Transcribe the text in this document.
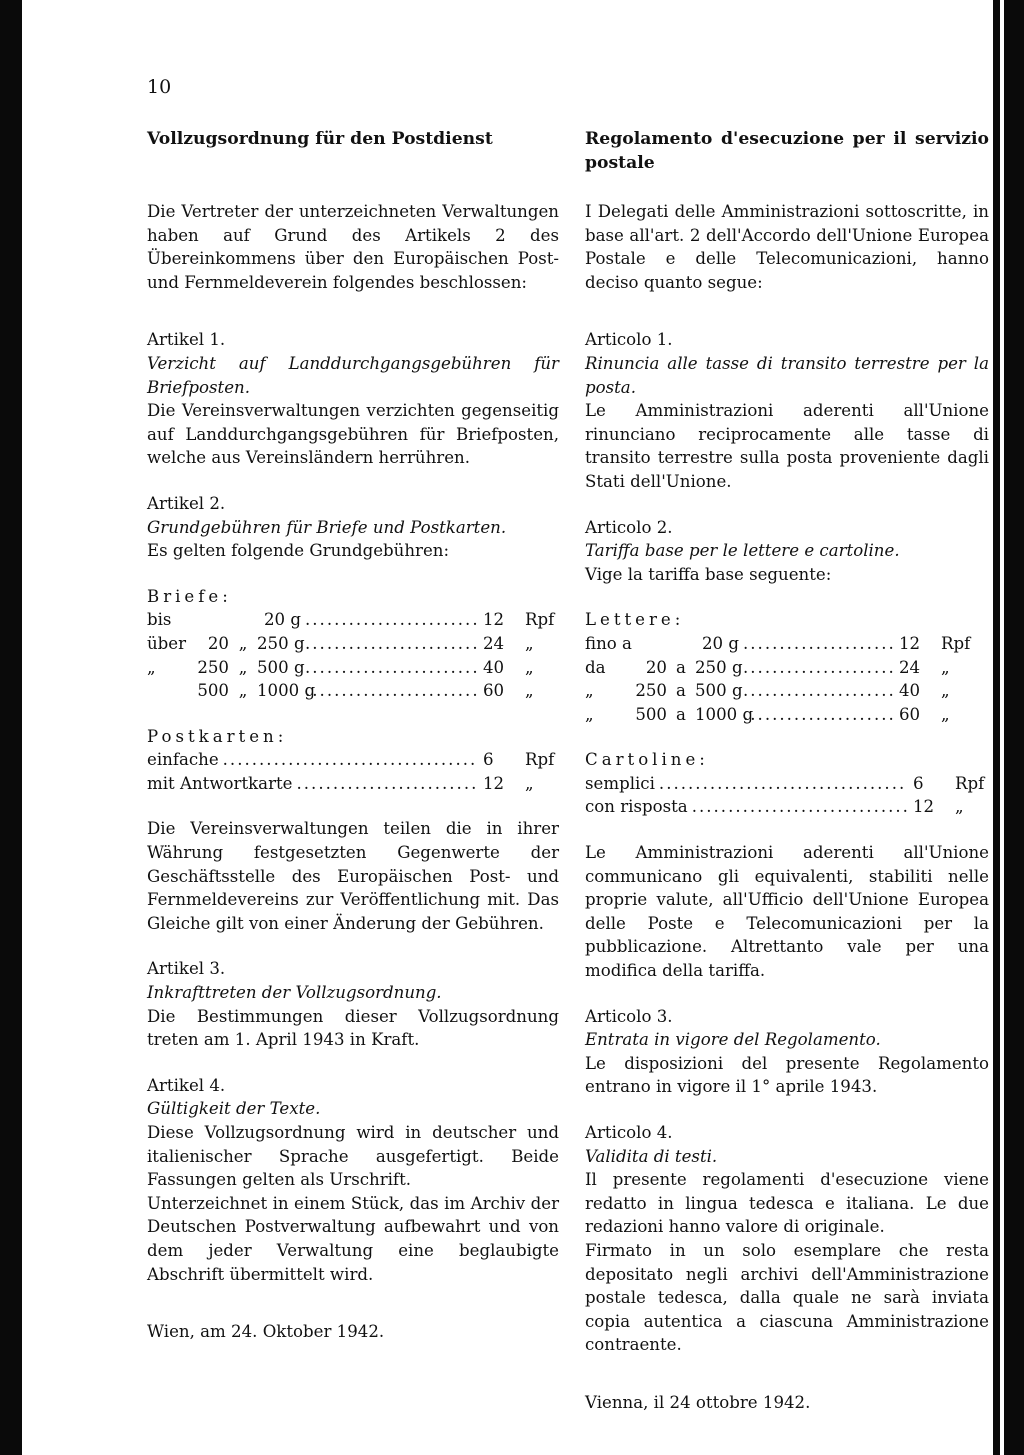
10

Vollzugsordnung für den Postdienst

Die Vertreter der unterzeichneten Verwaltungen haben auf Grund des Artikels 2 des Übereinkommens über den Europäischen Post- und Fernmeldeverein folgendes beschlossen:

Artikel 1.

Verzicht auf Landdurchgangsgebühren für Briefposten.

Die Vereinsverwaltungen verzichten gegenseitig auf Landdurchgangsgebühren für Briefposten, welche aus Vereinsländern herrühren.

Artikel 2.

Grundgebühren für Briefe und Postkarten.

Es gelten folgende Grundgebühren:

Briefe:

bis	20 g .....	12	Rpf
über	20 „ 250 g .....	24	„
„	250 „ 500 g .....	40	„
500 „ 1000 g .....	60	„

Postkarten:

einfache .....	6	Rpf
mit Antwortkarte .....	12	„

Die Vereinsverwaltungen teilen die in ihrer Währung festgesetzten Gegenwerte der Geschäftsstelle des Europäischen Post- und Fernmeldevereins zur Veröffentlichung mit. Das Gleiche gilt von einer Änderung der Gebühren.

Artikel 3.

Inkrafttreten der Vollzugsordnung.

Die Bestimmungen dieser Vollzugsordnung treten am 1. April 1943 in Kraft.

Artikel 4.

Gültigkeit der Texte.

Diese Vollzugsordnung wird in deutscher und italienischer Sprache ausgefertigt. Beide Fassungen gelten als Urschrift.

Unterzeichnet in einem Stück, das im Archiv der Deutschen Postverwaltung aufbewahrt und von dem jeder Verwaltung eine beglaubigte Abschrift übermittelt wird.

Wien, am 24. Oktober 1942.

Regolamento d'esecuzione per il servizio postale

I Delegati delle Amministrazioni sottoscritte, in base all'art. 2 dell'Accordo dell'Unione Europea Postale e delle Telecomunicazioni, hanno deciso quanto segue:

Articolo 1.

Rinuncia alle tasse di transito terrestre per la posta.

Le Amministrazioni aderenti all'Unione rinunciano reciprocamente alle tasse di transito terrestre sulla posta proveniente dagli Stati dell'Unione.

Articolo 2.

Tariffa base per le lettere e cartoline.

Vige la tariffa base seguente:

Lettere:

fino a	20 g .....	12	Rpf
da	20 a 250 g .....	24	„
„	250 a 500 g .....	40	„
„	500 a 1000 g .....	60	„

Cartoline:

semplici .....	6	Rpf
con risposta .....	12	„

Le Amministrazioni aderenti all'Unione communicano gli equivalenti, stabiliti nelle proprie valute, all'Ufficio dell'Unione Europea delle Poste e Telecomunicazioni per la pubblicazione. Altrettanto vale per una modifica della tariffa.

Articolo 3.

Entrata in vigore del Regolamento.

Le disposizioni del presente Regolamento entrano in vigore il 1° aprile 1943.

Articolo 4.

Validita di testi.

Il presente regolamenti d'esecuzione viene redatto in lingua tedesca e italiana. Le due redazioni hanno valore di originale.

Firmato in un solo esemplare che resta depositato negli archivi dell'Amministrazione postale tedesca, dalla quale ne sarà inviata copia autentica a ciascuna Amministrazione contraente.

Vienna, il 24 ottobre 1942.
